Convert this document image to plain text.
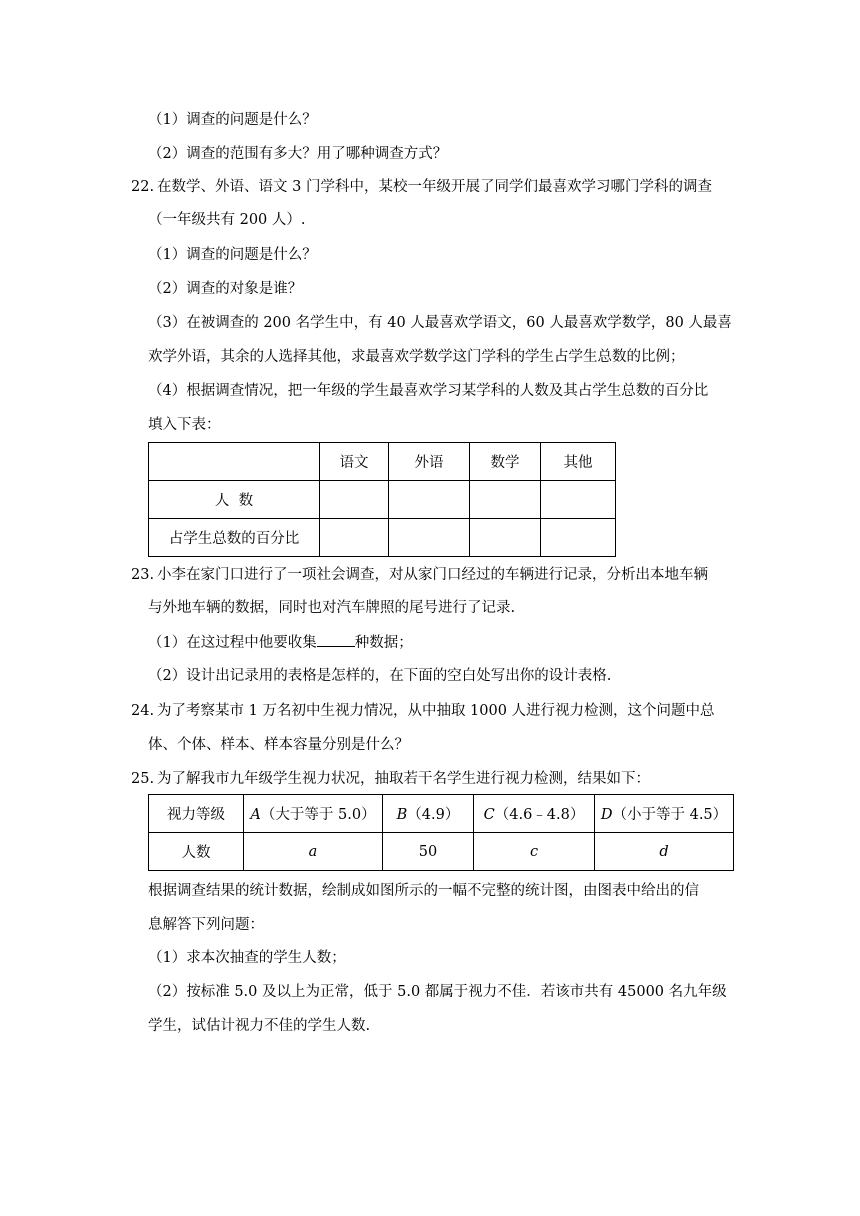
（1）调查的问题是什么？
（2）调查的范围有多大？用了哪种调查方式？
22. 在数学、外语、语文 3 门学科中，某校一年级开展了同学们最喜欢学习哪门学科的调查
（一年级共有 200 人）.
（1）调查的问题是什么？
（2）调查的对象是谁？
（3）在被调查的 200 名学生中，有 40 人最喜欢学语文，60 人最喜欢学数学，80 人最喜
欢学外语，其余的人选择其他，求最喜欢学数学这门学科的学生占学生总数的比例；
（4）根据调查情况，把一年级的学生最喜欢学习某学科的人数及其占学生总数的百分比
填入下表：
	语文	外语	数学	其他
人  数				
占学生总数的百分比				
23. 小李在家门口进行了一项社会调查，对从家门口经过的车辆进行记录，分析出本地车辆
与外地车辆的数据，同时也对汽车牌照的尾号进行了记录.
（1）在这过程中他要收集	种数据；
（2）设计出记录用的表格是怎样的，在下面的空白处写出你的设计表格.
24. 为了考察某市 1 万名初中生视力情况，从中抽取 1000 人进行视力检测，这个问题中总
体、个体、样本、样本容量分别是什么？
25. 为了解我市九年级学生视力状况，抽取若干名学生进行视力检测，结果如下：
视力等级	A（大于等于 5.0）	B（4.9）	C（4.6﹣4.8）	D（小于等于 4.5）
人数	a	50	c	d
根据调查结果的统计数据，绘制成如图所示的一幅不完整的统计图，由图表中给出的信
息解答下列问题：
（1）求本次抽查的学生人数；
（2）按标准 5.0 及以上为正常，低于 5.0 都属于视力不佳．若该市共有 45000 名九年级
学生，试估计视力不佳的学生人数.
